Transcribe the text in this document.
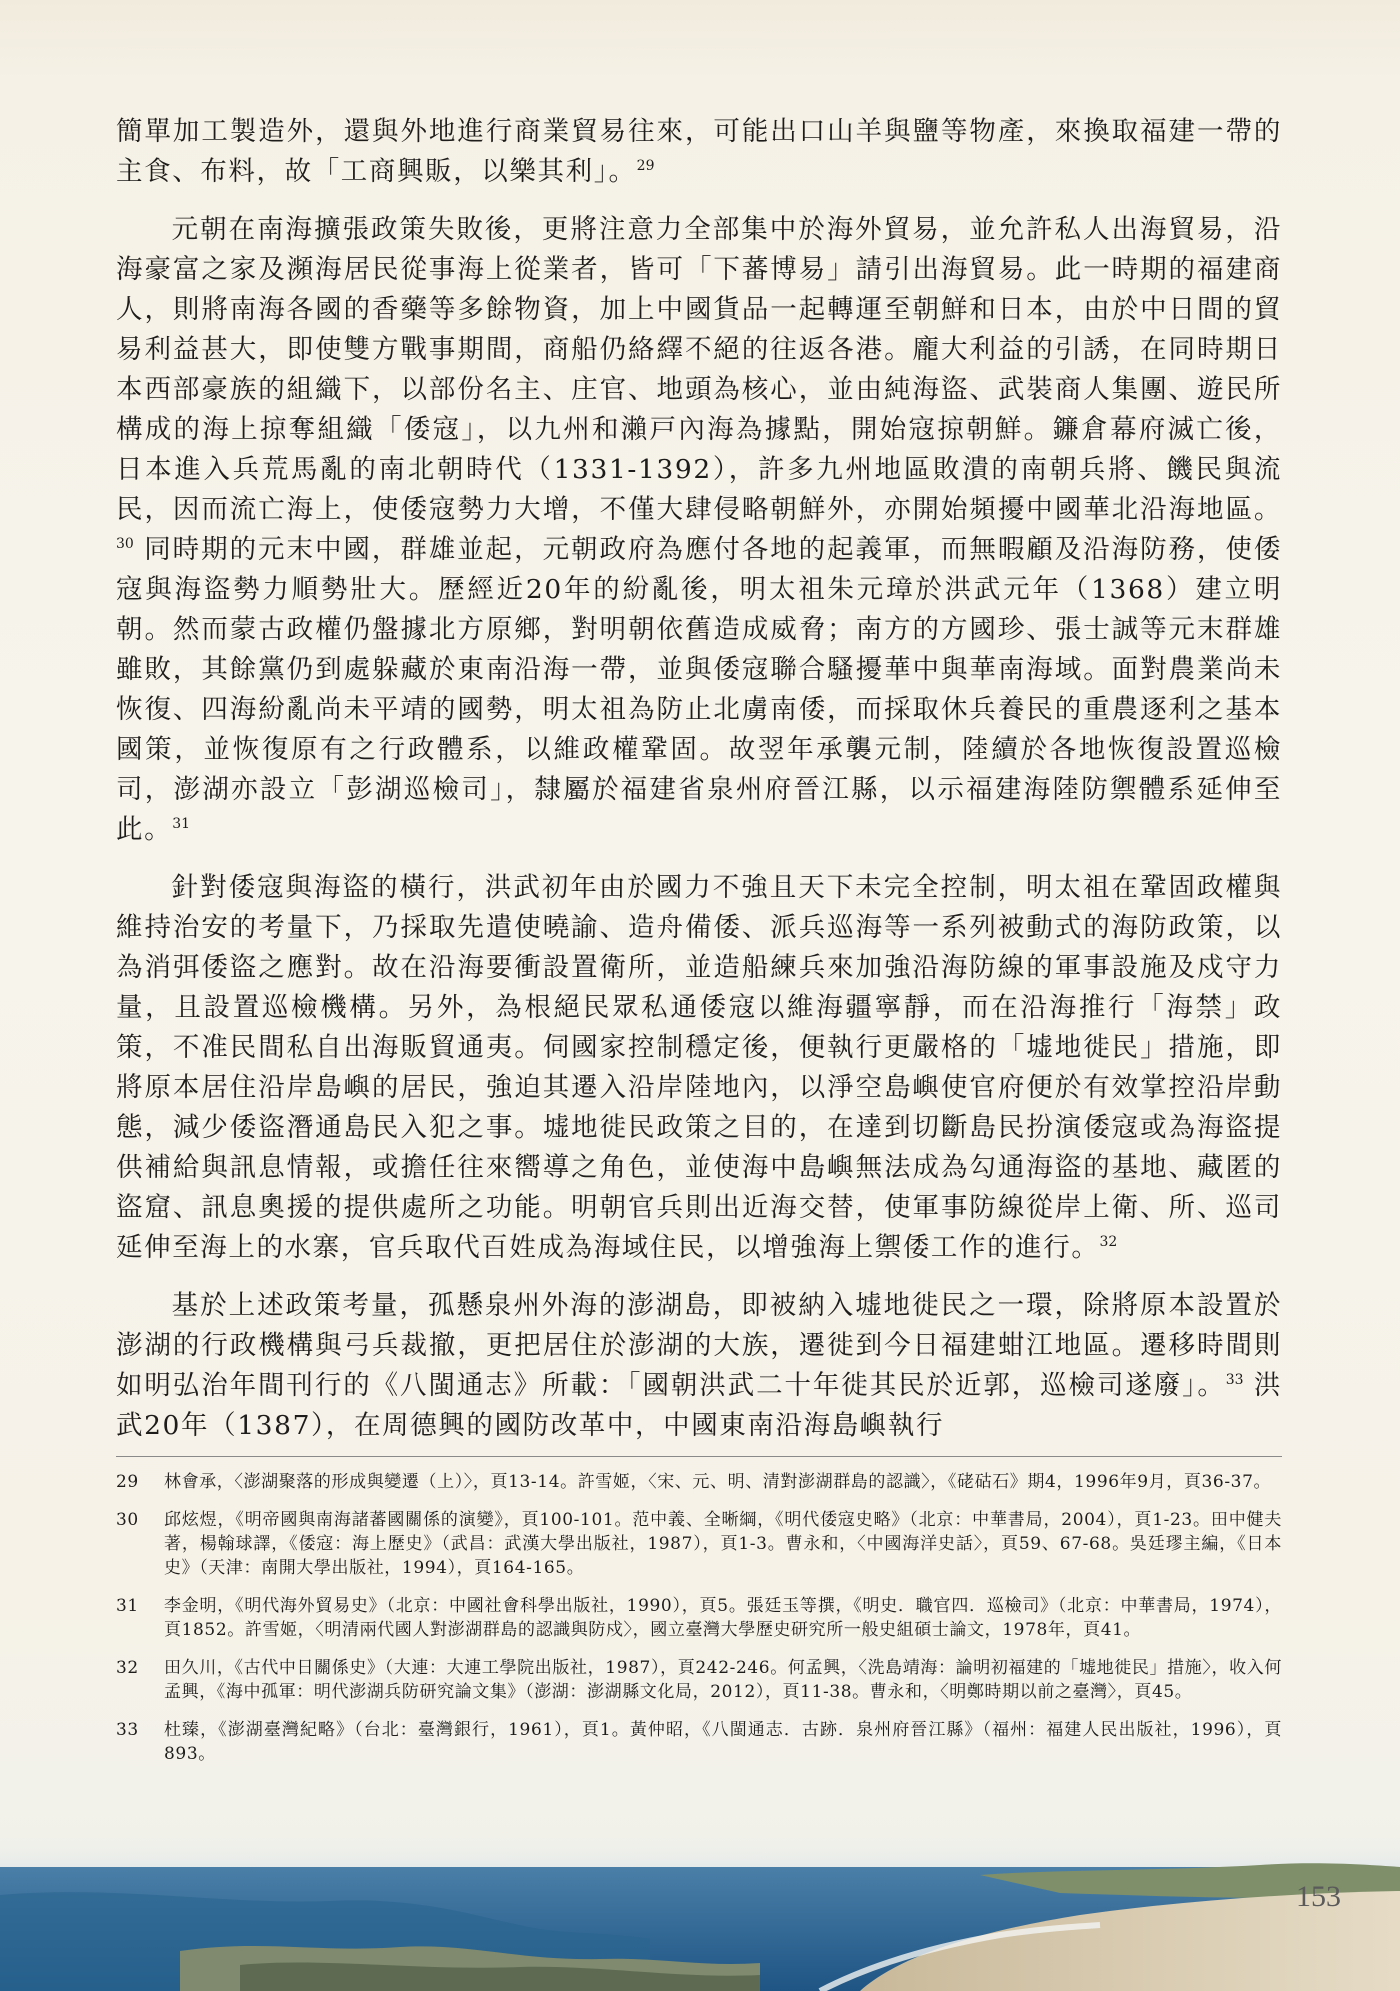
簡單加工製造外，還與外地進行商業貿易往來，可能出口山羊與鹽等物產，來換取福建一帶的主食、布料，故「工商興販，以樂其利」。$^{29}$

元朝在南海擴張政策失敗後，更將注意力全部集中於海外貿易，並允許私人出海貿易，沿海豪富之家及瀕海居民從事海上從業者，皆可「下蕃博易」請引出海貿易。此一時期的福建商人，則將南海各國的香藥等多餘物資，加上中國貨品一起轉運至朝鮮和日本，由於中日間的貿易利益甚大，即使雙方戰事期間，商船仍絡繹不絕的往返各港。龐大利益的引誘，在同時期日本西部豪族的組織下，以部份名主、庄官、地頭為核心，並由純海盜、武裝商人集團、遊民所構成的海上掠奪組織「倭寇」，以九州和瀨戸內海為據點，開始寇掠朝鮮。鐮倉幕府滅亡後，日本進入兵荒馬亂的南北朝時代（1331-1392），許多九州地區敗潰的南朝兵將、饑民與流民，因而流亡海上，使倭寇勢力大增，不僅大肆侵略朝鮮外，亦開始頻擾中國華北沿海地區。$^{30}$ 同時期的元末中國，群雄並起，元朝政府為應付各地的起義軍，而無暇顧及沿海防務，使倭寇與海盜勢力順勢壯大。歷經近20年的紛亂後，明太祖朱元璋於洪武元年（1368）建立明朝。然而蒙古政權仍盤據北方原鄉，對明朝依舊造成威脅；南方的方國珍、張士誠等元末群雄雖敗，其餘黨仍到處躲藏於東南沿海一帶，並與倭寇聯合騷擾華中與華南海域。面對農業尚未恢復、四海紛亂尚未平靖的國勢，明太祖為防止北虜南倭，而採取休兵養民的重農逐利之基本國策，並恢復原有之行政體系，以維政權鞏固。故翌年承襲元制，陸續於各地恢復設置巡檢司，澎湖亦設立「彭湖巡檢司」，隸屬於福建省泉州府晉江縣，以示福建海陸防禦體系延伸至此。$^{31}$

針對倭寇與海盜的橫行，洪武初年由於國力不強且天下未完全控制，明太祖在鞏固政權與維持治安的考量下，乃採取先遣使曉諭、造舟備倭、派兵巡海等一系列被動式的海防政策，以為消弭倭盜之應對。故在沿海要衝設置衛所，並造船練兵來加強沿海防線的軍事設施及戍守力量，且設置巡檢機構。另外，為根絕民眾私通倭寇以維海疆寧靜，而在沿海推行「海禁」政策，不准民間私自出海販貿通夷。伺國家控制穩定後，便執行更嚴格的「墟地徙民」措施，即將原本居住沿岸島嶼的居民，強迫其遷入沿岸陸地內，以淨空島嶼使官府便於有效掌控沿岸動態，減少倭盜潛通島民入犯之事。墟地徙民政策之目的，在達到切斷島民扮演倭寇或為海盜提供補給與訊息情報，或擔任往來嚮導之角色，並使海中島嶼無法成為勾通海盜的基地、藏匿的盜窟、訊息奧援的提供處所之功能。明朝官兵則出近海交替，使軍事防線從岸上衛、所、巡司延伸至海上的水寨，官兵取代百姓成為海域住民，以增強海上禦倭工作的進行。$^{32}$

基於上述政策考量，孤懸泉州外海的澎湖島，即被納入墟地徙民之一環，除將原本設置於澎湖的行政機構與弓兵裁撤，更把居住於澎湖的大族，遷徙到今日福建蚶江地區。遷移時間則如明弘治年間刊行的《八閩通志》所載：「國朝洪武二十年徙其民於近郭，巡檢司遂廢」。$^{33}$ 洪武20年（1387），在周德興的國防改革中，中國東南沿海島嶼執行

29 林會承，〈澎湖聚落的形成與變遷（上）〉，頁13-14。許雪姬，〈宋、元、明、清對澎湖群島的認識〉，《硓𥑮石》期4，1996年9月，頁36-37。
30 邱炫煜，《明帝國與南海諸蕃國關係的演變》，頁100-101。范中義、全晰綱，《明代倭寇史略》（北京：中華書局，2004），頁1-23。田中健夫著，楊翰球譯，《倭寇：海上歷史》（武昌：武漢大學出版社，1987），頁1-3。曹永和，〈中國海洋史話〉，頁59、67-68。吳廷璆主編，《日本史》（天津：南開大學出版社，1994），頁164-165。
31 李金明，《明代海外貿易史》（北京：中國社會科學出版社，1990），頁5。張廷玉等撰，《明史．職官四．巡檢司》（北京：中華書局，1974），頁1852。許雪姬，〈明清兩代國人對澎湖群島的認識與防戍〉，國立臺灣大學歷史研究所一般史組碩士論文，1978年，頁41。
32 田久川，《古代中日關係史》（大連：大連工學院出版社，1987），頁242-246。何孟興，〈洗島靖海：論明初福建的「墟地徙民」措施〉，收入何孟興，《海中孤軍：明代澎湖兵防研究論文集》（澎湖：澎湖縣文化局，2012），頁11-38。曹永和，〈明鄭時期以前之臺灣〉，頁45。
33 杜臻，《澎湖臺灣紀略》（台北：臺灣銀行，1961），頁1。黃仲昭，《八閩通志．古跡．泉州府晉江縣》（福州：福建人民出版社，1996），頁893。
153
